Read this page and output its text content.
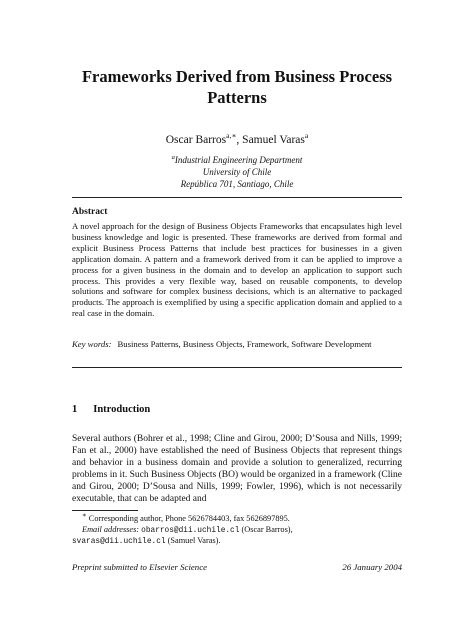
Frameworks Derived from Business Process
Patterns
Oscar Barros$^{a,∗}$, Samuel Varas$^a$
$^a$Industrial Engineering Department
University of Chile
República 701, Santiago, Chile
Abstract
A novel approach for the design of Business Objects Frameworks that encapsulates high level business knowledge and logic is presented. These frameworks are derived from formal and explicit Business Process Patterns that include best practices for businesses in a given application domain. A pattern and a framework derived from it can be applied to improve a process for a given business in the domain and to develop an application to support such process. This provides a very flexible way, based on reusable components, to develop solutions and software for complex business decisions, which is an alternative to packaged products. The approach is exemplified by using a specific application domain and applied to a real case in the domain.
Key words: Business Patterns, Business Objects, Framework, Software Development
1 Introduction
Several authors (Bohrer et al., 1998; Cline and Girou, 2000; D’Sousa and Nills, 1999; Fan et al., 2000) have established the need of Business Objects that represent things and behavior in a business domain and provide a solution to generalized, recurring problems in it. Such Business Objects (BO) would be organized in a framework (Cline and Girou, 2000; D’Sousa and Nills, 1999; Fowler, 1996), which is not necessarily executable, that can be adapted and
∗ Corresponding author, Phone 5626784403, fax 5626897895.
Email addresses: obarros@dii.uchile.cl (Oscar Barros),
svaras@dii.uchile.cl (Samuel Varas).
Preprint submitted to Elsevier Science	26 January 2004
